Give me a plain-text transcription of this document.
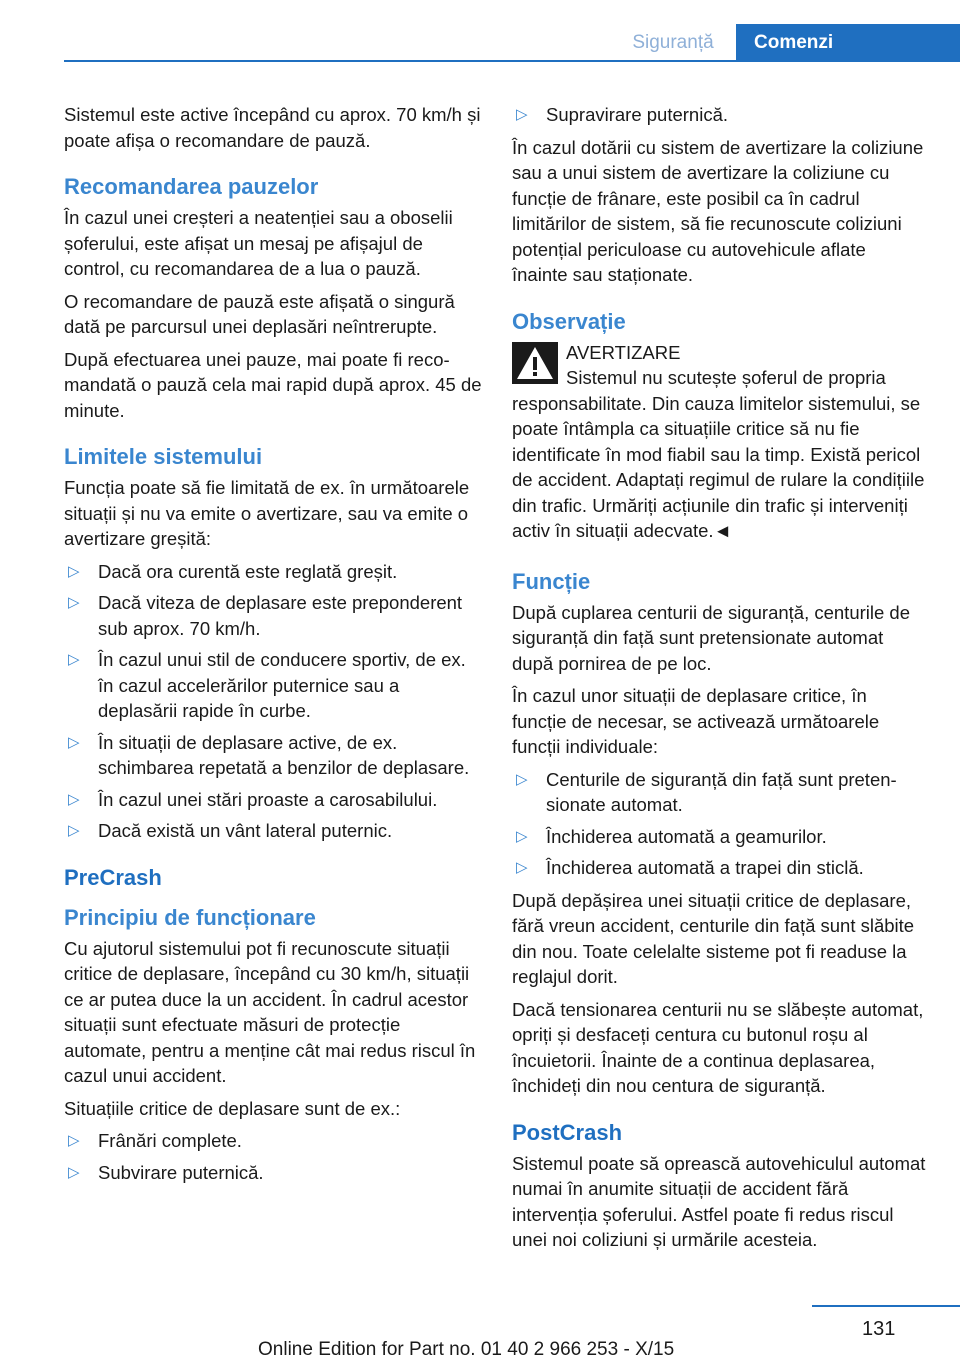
Siguranță	Comenzi

Sistemul este active începând cu aprox. 70 km/h și poate afișa o recomandare de pauză.

Recomandarea pauzelor

În cazul unei creșteri a neatenției sau a oboselii șoferului, este afișat un mesaj pe afișajul de control, cu recomandarea de a lua o pauză.

O recomandare de pauză este afișată o singură dată pe parcursul unei deplasări neîntrerupte.

După efectuarea unei pauze, mai poate fi recomandată o pauză cela mai rapid după aprox. 45 de minute.

Limitele sistemului

Funcția poate să fie limitată de ex. în următoarele situații și nu va emite o avertizare, sau va emite o avertizare greșită:

▷ Dacă ora curentă este reglată greșit.
▷ Dacă viteza de deplasare este preponderent sub aprox. 70 km/h.
▷ În cazul unui stil de conducere sportiv, de ex. în cazul accelerărilor puternice sau a deplasării rapide în curbe.
▷ În situații de deplasare active, de ex. schimbarea repetată a benzilor de deplasare.
▷ În cazul unei stări proaste a carosabilului.
▷ Dacă există un vânt lateral puternic.
PreCrash
Principiu de funcționare

Cu ajutorul sistemului pot fi recunoscute situații critice de deplasare, începând cu 30 km/h, situații ce ar putea duce la un accident. În cadrul acestor situații sunt efectuate măsuri de protecție automate, pentru a menține cât mai redus riscul în cazul unui accident.

Situațiile critice de deplasare sunt de ex.:

▷ Frânări complete.
▷ Subvirare puternică.
▷ Supravirare puternică.

În cazul dotării cu sistem de avertizare la coliziune sau a unui sistem de avertizare la coliziune cu funcție de frânare, este posibil ca în cadrul limitărilor de sistem, să fie recunoscute coliziuni potențial periculoase cu autovehicule aflate înainte sau staționate.

Observație
AVERTIZARE
Sistemul nu scutește șoferul de propria responsabilitate. Din cauza limitelor sistemului, se poate întâmpla ca situațiile critice să nu fie identificate în mod fiabil sau la timp. Există pericol de accident. Adaptați regimul de rulare la condițiile din trafic. Urmăriți acțiunile din trafic și interveniți activ în situații adecvate.◄
Funcție

După cuplarea centurii de siguranță, centurile de siguranță din față sunt pretensionate automat după pornirea de pe loc.

În cazul unor situații de deplasare critice, în funcție de necesar, se activează următoarele funcții individuale:

▷ Centurile de siguranță din față sunt pretensionate automat.
▷ Închiderea automată a geamurilor.
▷ Închiderea automată a trapei din sticlă.

După depășirea unei situații critice de deplasare, fără vreun accident, centurile din față sunt slăbite din nou. Toate celelalte sisteme pot fi readuse la reglajul dorit.

Dacă tensionarea centurii nu se slăbește automat, opriți și desfaceți centura cu butonul roșu al încuietorii. Înainte de a continua deplasarea, închideți din nou centura de siguranță.

PostCrash

Sistemul poate să oprească autovehiculul automat numai în anumite situații de accident fără intervenția șoferului. Astfel poate fi redus riscul unei noi coliziuni și urmările acesteia.

131
Online Edition for Part no. 01 40 2 966 253 - X/15
